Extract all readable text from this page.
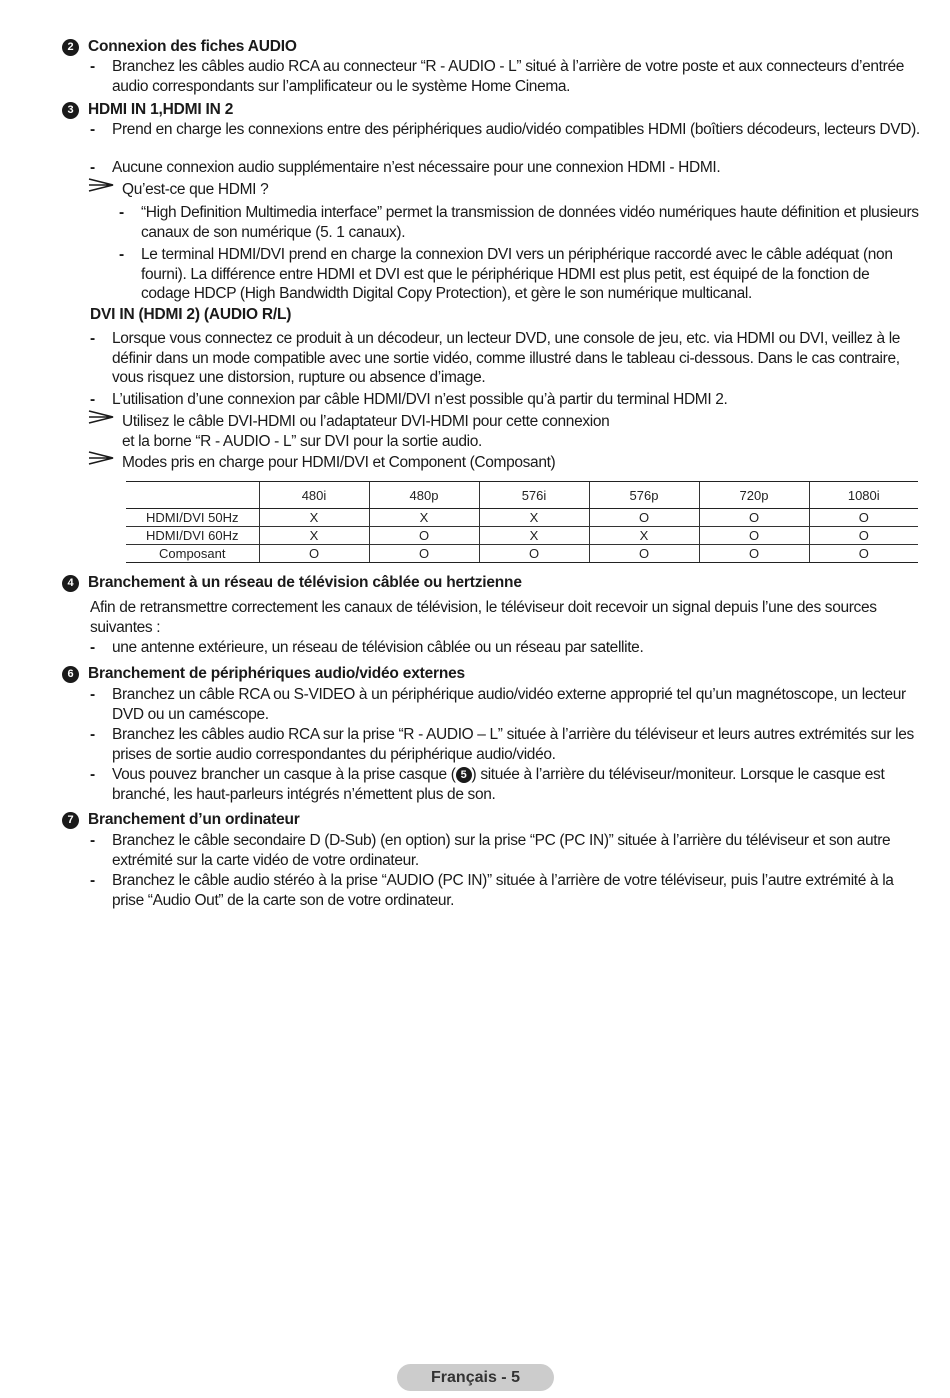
2 Connexion des fiches AUDIO
- Branchez les câbles audio RCA au connecteur “R - AUDIO - L” situé à l’arrière de votre poste et aux connecteurs d’entrée audio correspondants sur l’amplificateur ou le système Home Cinema.
3 HDMI IN 1,HDMI IN 2
- Prend en charge les connexions entre des périphériques audio/vidéo compatibles HDMI (boîtiers décodeurs, lecteurs DVD).
- Aucune connexion audio supplémentaire n’est nécessaire pour une connexion HDMI - HDMI.
Qu’est-ce que HDMI ?
- “High Definition Multimedia interface” permet la transmission de données vidéo numériques haute définition et plusieurs canaux de son numérique (5. 1 canaux).
- Le terminal HDMI/DVI prend en charge la connexion DVI vers un périphérique raccordé avec le câble adéquat (non fourni). La différence entre HDMI et DVI est que le périphérique HDMI est plus petit, est équipé de la fonction de codage HDCP (High Bandwidth Digital Copy Protection), et gère le son numérique multicanal.
DVI IN (HDMI 2) (AUDIO R/L)
- Lorsque vous connectez ce produit à un décodeur, un lecteur DVD, une console de jeu, etc. via HDMI ou DVI, veillez à le définir dans un mode compatible avec une sortie vidéo, comme illustré dans le tableau ci-dessous. Dans le cas contraire, vous risquez une distorsion, rupture ou absence d’image.
- L’utilisation d’une connexion par câble HDMI/DVI n’est possible qu’à partir du terminal HDMI 2.
Utilisez le câble DVI-HDMI ou l’adaptateur DVI-HDMI pour cette connexion
et la borne “R - AUDIO - L” sur DVI pour la sortie audio.
Modes pris en charge pour HDMI/DVI et Component (Composant)
	480i	480p	576i	576p	720p	1080i
HDMI/DVI 50Hz	X	X	X	O	O	O
HDMI/DVI 60Hz	X	O	X	X	O	O
Composant	O	O	O	O	O	O
4 Branchement à un réseau de télévision câblée ou hertzienne
Afin de retransmettre correctement les canaux de télévision, le téléviseur doit recevoir un signal depuis l’une des sources suivantes :
- une antenne extérieure, un réseau de télévision câblée ou un réseau par satellite.
6 Branchement de périphériques audio/vidéo externes
- Branchez un câble RCA ou S-VIDEO à un périphérique audio/vidéo externe approprié tel qu’un magnétoscope, un lecteur DVD ou un caméscope.
- Branchez les câbles audio RCA sur la prise “R - AUDIO – L” située à l’arrière du téléviseur et leurs autres extrémités sur les prises de sortie audio correspondantes du périphérique audio/vidéo.
- Vous pouvez brancher un casque à la prise casque ( 5 ) située à l’arrière du téléviseur/moniteur. Lorsque le casque est branché, les haut-parleurs intégrés n’émettent plus de son.
7 Branchement d’un ordinateur
- Branchez le câble secondaire D (D-Sub) (en option) sur la prise “PC (PC IN)” située à l’arrière du téléviseur et son autre extrémité sur la carte vidéo de votre ordinateur.
- Branchez le câble audio stéréo à la prise “AUDIO (PC IN)” située à l’arrière de votre téléviseur, puis l’autre extrémité à la prise “Audio Out” de la carte son de votre ordinateur.
Français - 5
